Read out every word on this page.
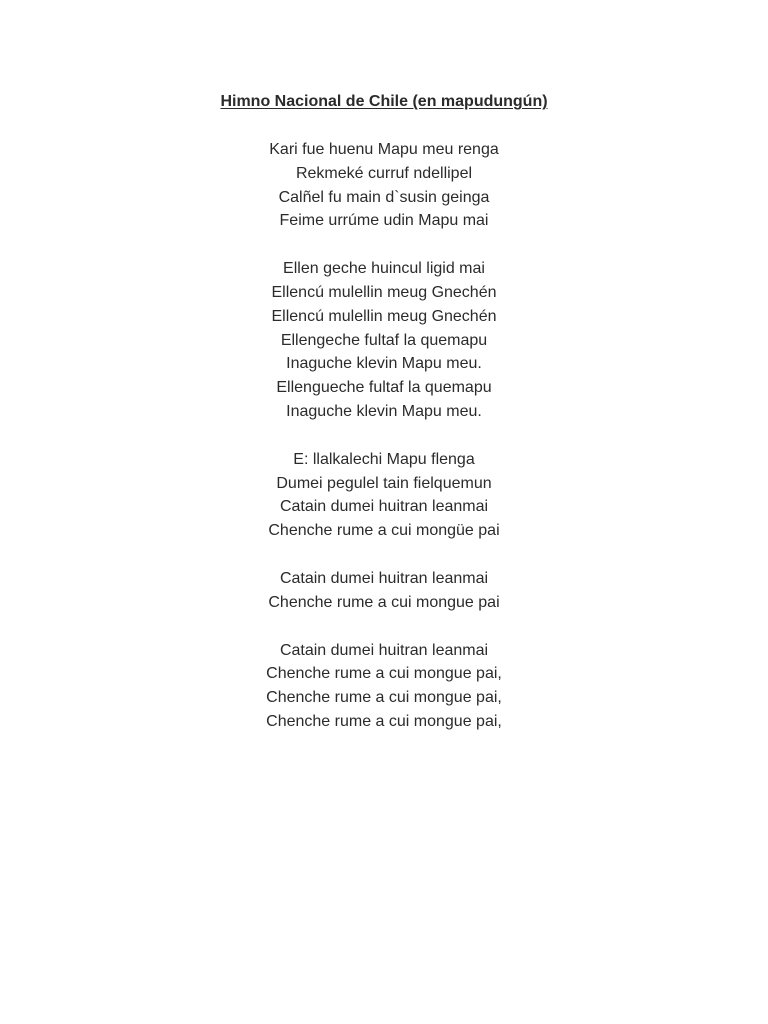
Himno Nacional de Chile (en mapudungún)
Kari fue huenu Mapu meu renga
Rekmeké curruf ndellipel
Calñel fu main d`susin geinga
Feime urrúme udin Mapu mai
Ellen geche huincul ligid mai
Ellencú mulellin meug Gnechén
Ellencú mulellin meug Gnechén
Ellengeche fultaf la quemapu
Inaguche klevin Mapu meu.
Ellengueche fultaf la quemapu
Inaguche klevin Mapu meu.
E: llalkalechi Mapu flenga
Dumei pegulel tain fielquemun
Catain dumei huitran leanmai
Chenche rume a cui mongüe pai
Catain dumei huitran leanmai
Chenche rume a cui mongue pai
Catain dumei huitran leanmai
Chenche rume a cui mongue pai,
Chenche rume a cui mongue pai,
Chenche rume a cui mongue pai,
